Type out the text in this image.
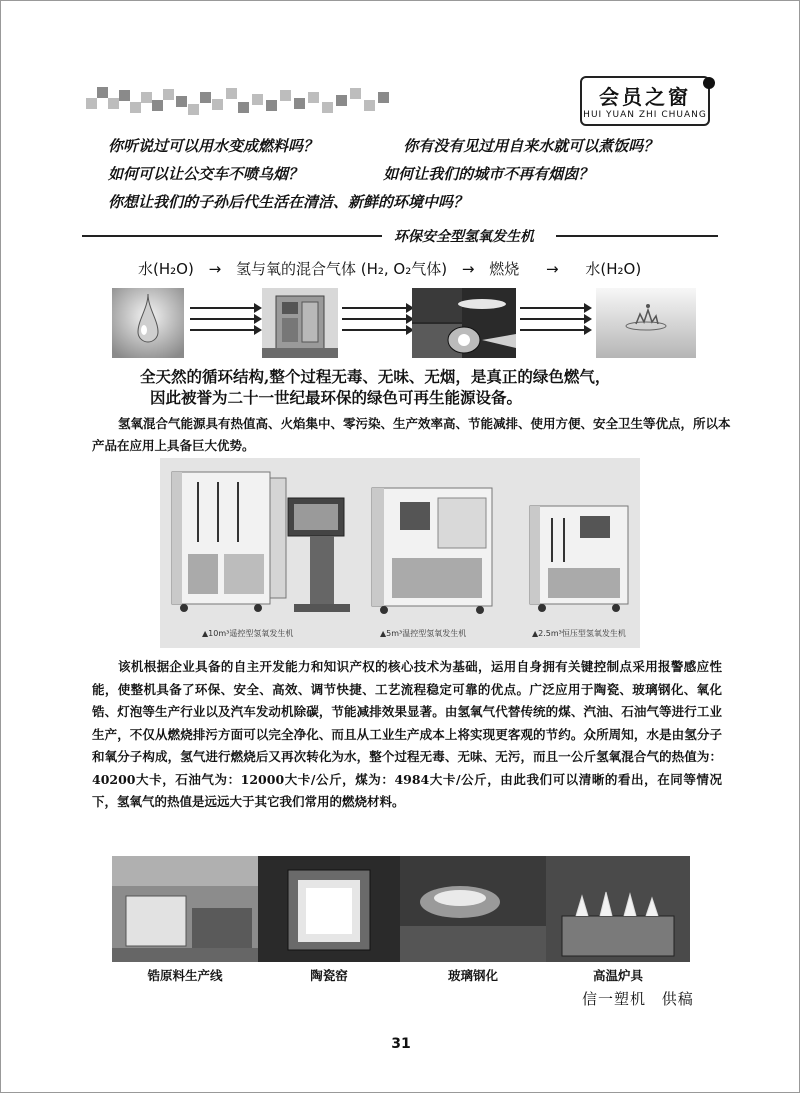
会员之窗
HUI YUAN ZHI CHUANG
你听说过可以用水变成燃料吗？	你有没有见过用自来水就可以煮饭吗？
如何可以让公交车不喷乌烟？	如何让我们的城市不再有烟囱？
你想让我们的子孙后代生活在清洁、新鲜的环境中吗？
环保安全型氢氧发生机
水(H₂O) → 氢与氧的混合气体 (H₂, O₂气体) → 燃烧 → 水(H₂O)
全天然的循环结构,整个过程无毒、无味、无烟，是真正的绿色燃气，
因此被誉为二十一世纪最环保的绿色可再生能源设备。
氢氧混合气能源具有热值高、火焰集中、零污染、生产效率高、节能减排、使用方便、安全卫生等优点，所以本产品在应用上具备巨大优势。
▲10m³遥控型氢氧发生机	▲5m³温控型氢氧发生机	▲2.5m³恒压型氢氧发生机
该机根据企业具备的自主开发能力和知识产权的核心技术为基础，运用自身拥有关键控制点采用报警感应性能，使整机具备了环保、安全、高效、调节快捷、工艺流程稳定可靠的优点。广泛应用于陶瓷、玻璃钢化、氧化锆、灯泡等生产行业以及汽车发动机除碳，节能减排效果显著。由氢氧气代替传统的煤、汽油、石油气等进行工业生产，不仅从燃烧排污方面可以完全净化、而且从工业生产成本上将实现更客观的节约。众所周知，水是由氢分子和氧分子构成，氢气进行燃烧后又再次转化为水，整个过程无毒、无味、无污，而且一公斤氢氧混合气的热值为：40200大卡，石油气为：12000大卡/公斤，煤为：4984大卡/公斤，由此我们可以清晰的看出，在同等情况下，氢氧气的热值是远远大于其它我们常用的燃烧材料。
锆原料生产线	陶瓷窑	玻璃钢化	高温炉具
信一塑机 供稿
31
